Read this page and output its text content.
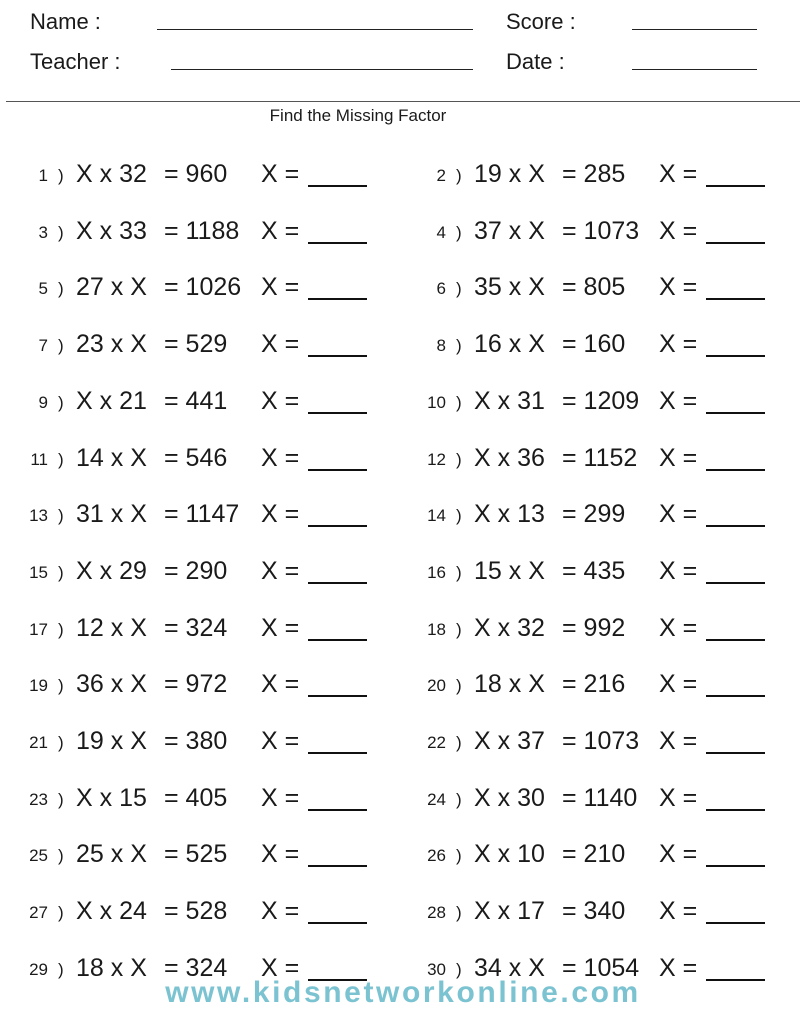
Name :
Teacher :
Score :
Date :
Find the Missing Factor
1 ) X x 32 = 960 X =	2 ) 19 x X = 285 X =
3 ) X x 33 = 1188 X =	4 ) 37 x X = 1073 X =
5 ) 27 x X = 1026 X =	6 ) 35 x X = 805 X =
7 ) 23 x X = 529 X =	8 ) 16 x X = 160 X =
9 ) X x 21 = 441 X =	10 ) X x 31 = 1209 X =
11 ) 14 x X = 546 X =	12 ) X x 36 = 1152 X =
13 ) 31 x X = 1147 X =	14 ) X x 13 = 299 X =
15 ) X x 29 = 290 X =	16 ) 15 x X = 435 X =
17 ) 12 x X = 324 X =	18 ) X x 32 = 992 X =
19 ) 36 x X = 972 X =	20 ) 18 x X = 216 X =
21 ) 19 x X = 380 X =	22 ) X x 37 = 1073 X =
23 ) X x 15 = 405 X =	24 ) X x 30 = 1140 X =
25 ) 25 x X = 525 X =	26 ) X x 10 = 210 X =
27 ) X x 24 = 528 X =	28 ) X x 17 = 340 X =
29 ) 18 x X = 324 X =	30 ) 34 x X = 1054 X =
www.kidsnetworkonline.com
